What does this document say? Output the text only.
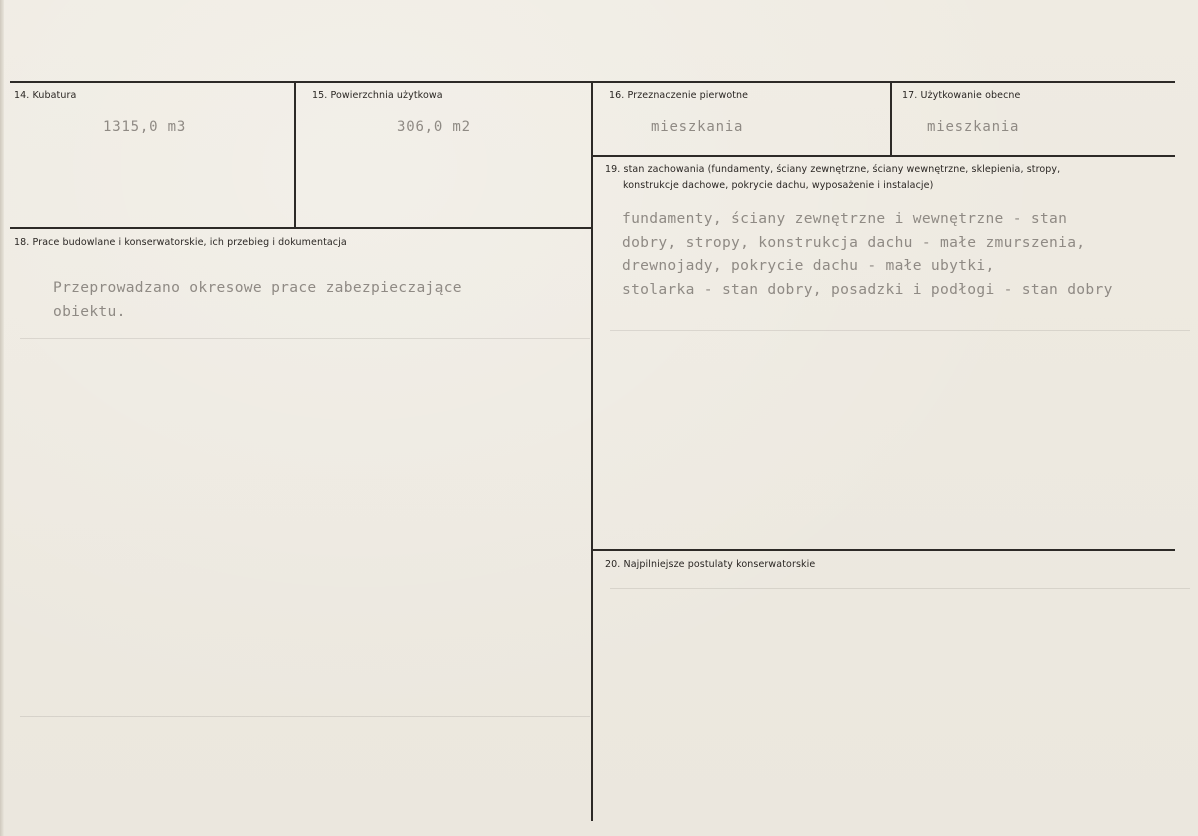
14. Kubatura
1315,0 m3
15. Powierzchnia użytkowa
306,0 m2
16. Przeznaczenie pierwotne
mieszkania
17. Użytkowanie obecne
mieszkania
18. Prace budowlane i konserwatorskie, ich przebieg i dokumentacja
Przeprowadzano okresowe prace zabezpieczające
obiektu.
19. stan zachowania (fundamenty, ściany zewnętrzne, ściany wewnętrzne, sklepienia, stropy,
konstrukcje dachowe, pokrycie dachu, wyposażenie i instalacje)
fundamenty, ściany zewnętrzne i wewnętrzne - stan
dobry, stropy, konstrukcja dachu - małe zmurszenia,
drewnojady, pokrycie dachu - małe ubytki,
stolarka - stan dobry, posadzki i podłogi - stan dobry
20. Najpilniejsze postulaty konserwatorskie
